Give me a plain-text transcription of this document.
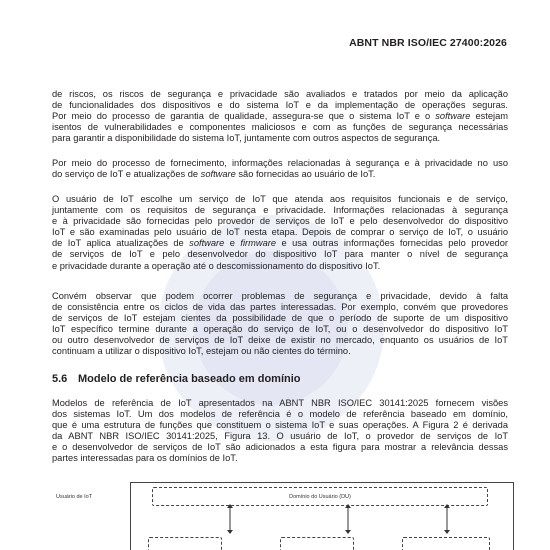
ABNT NBR ISO/IEC 27400:2026

de riscos, os riscos de segurança e privacidade são avaliados e tratados por meio da aplicação
de funcionalidades dos dispositivos e do sistema IoT e da implementação de operações seguras.
Por meio do processo de garantia de qualidade, assegura-se que o sistema IoT e o software estejam
isentos de vulnerabilidades e componentes maliciosos e com as funções de segurança necessárias
para garantir a disponibilidade do sistema IoT, juntamente com outros aspectos de segurança.

Por meio do processo de fornecimento, informações relacionadas à segurança e à privacidade no uso
do serviço de IoT e atualizações de software são fornecidas ao usuário de IoT.

O usuário de IoT escolhe um serviço de IoT que atenda aos requisitos funcionais e de serviço,
juntamente com os requisitos de segurança e privacidade. Informações relacionadas à segurança
e à privacidade são fornecidas pelo provedor de serviços de IoT e pelo desenvolvedor do dispositivo
IoT e são examinadas pelo usuário de IoT nesta etapa. Depois de comprar o serviço de IoT, o usuário
de IoT aplica atualizações de software e firmware e usa outras informações fornecidas pelo provedor
de serviços de IoT e pelo desenvolvedor do dispositivo IoT para manter o nível de segurança
e privacidade durante a operação até o descomissionamento do dispositivo IoT.

Convém observar que podem ocorrer problemas de segurança e privacidade, devido à falta
de consistência entre os ciclos de vida das partes interessadas. Por exemplo, convém que provedores
de serviços de IoT estejam cientes da possibilidade de que o período de suporte de um dispositivo
IoT específico termine durante a operação do serviço de IoT, ou o desenvolvedor do dispositivo IoT
ou outro desenvolvedor de serviços de IoT deixe de existir no mercado, enquanto os usuários de IoT
continuam a utilizar o dispositivo IoT, estejam ou não cientes do término.

5.6 Modelo de referência baseado em domínio

Modelos de referência de IoT apresentados na ABNT NBR ISO/IEC 30141:2025 fornecem visões
dos sistemas IoT. Um dos modelos de referência é o modelo de referência baseado em domínio,
que é uma estrutura de funções que constituem o sistema IoT e suas operações. A Figura 2 é derivada
da ABNT NBR ISO/IEC 30141:2025, Figura 13. O usuário de IoT, o provedor de serviços de IoT
e o desenvolvedor de serviços de IoT são adicionados a esta figura para mostrar a relevância dessas
partes interessadas para os domínios de IoT.

Usuário de IoT	Domínio do Usuário (DU)
